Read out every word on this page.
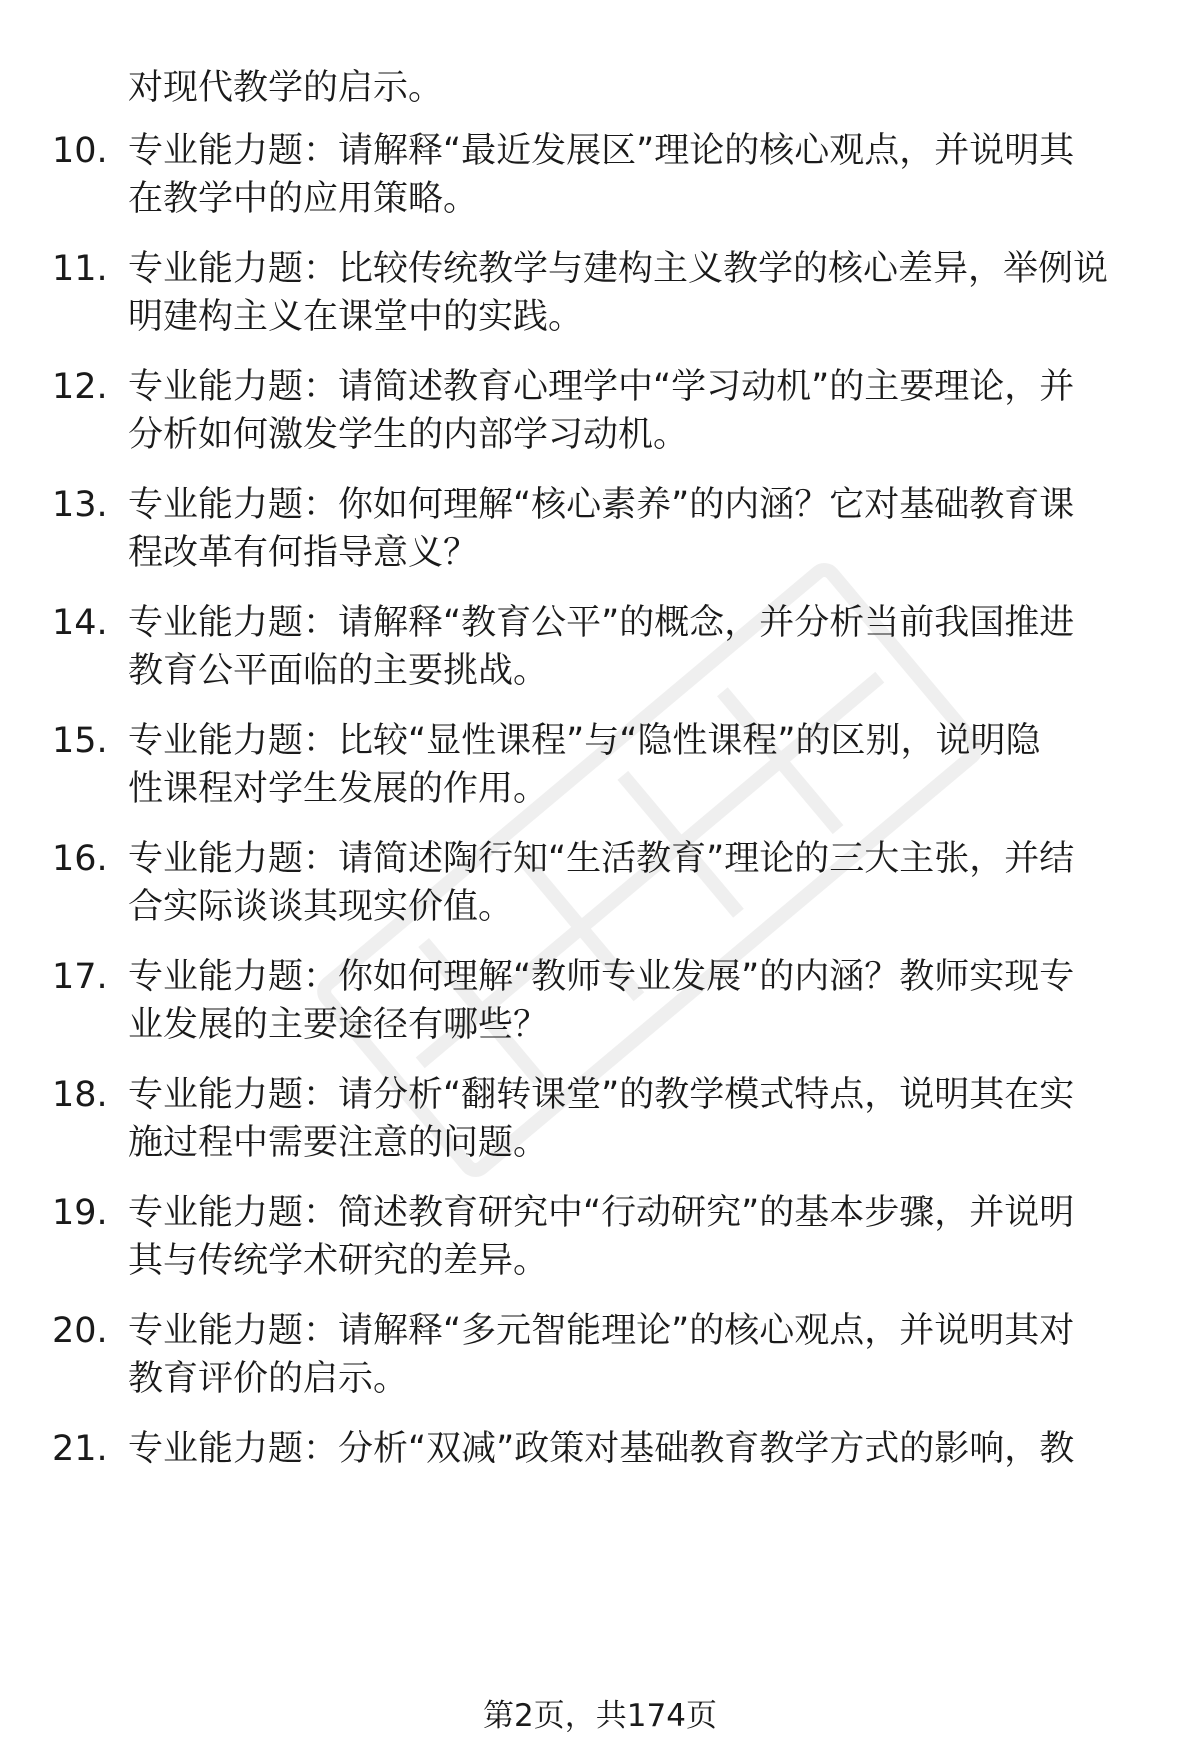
对现代教学的启示。
10. 专业能力题：请解释“最近发展区”理论的核心观点，并说明其
在教学中的应用策略。
11. 专业能力题：比较传统教学与建构主义教学的核心差异，举例说
明建构主义在课堂中的实践。
12. 专业能力题：请简述教育心理学中“学习动机”的主要理论，并
分析如何激发学生的内部学习动机。
13. 专业能力题：你如何理解“核心素养”的内涵？它对基础教育课
程改革有何指导意义？
14. 专业能力题：请解释“教育公平”的概念，并分析当前我国推进
教育公平面临的主要挑战。
15. 专业能力题：比较“显性课程”与“隐性课程”的区别，说明隐
性课程对学生发展的作用。
16. 专业能力题：请简述陶行知“生活教育”理论的三大主张，并结
合实际谈谈其现实价值。
17. 专业能力题：你如何理解“教师专业发展”的内涵？教师实现专
业发展的主要途径有哪些？
18. 专业能力题：请分析“翻转课堂”的教学模式特点，说明其在实
施过程中需要注意的问题。
19. 专业能力题：简述教育研究中“行动研究”的基本步骤，并说明
其与传统学术研究的差异。
20. 专业能力题：请解释“多元智能理论”的核心观点，并说明其对
教育评价的启示。
21. 专业能力题：分析“双减”政策对基础教育教学方式的影响，教
第2页，共174页
